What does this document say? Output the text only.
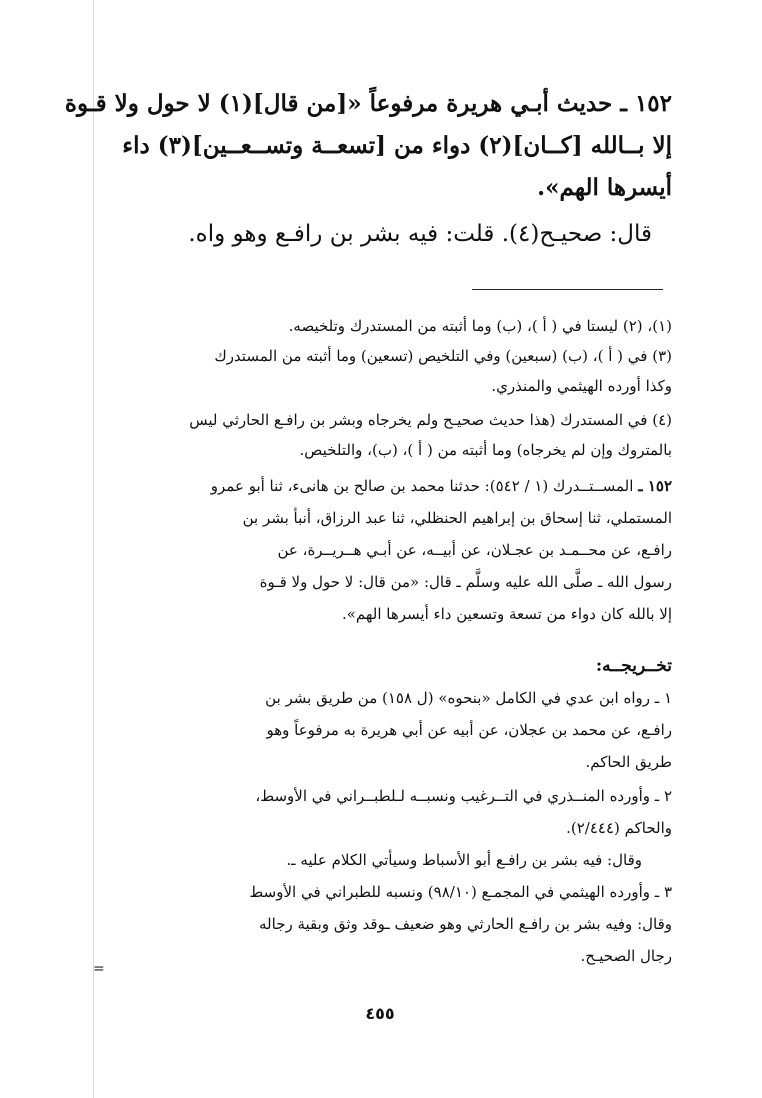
=
١٥٢ ـ حديث أبـي هريرة مرفوعاً «[من قال](١) لا حول ولا قـوة
إلا بــالله [كــان](٢) دواء من [تسعــة وتســعــين](٣) داء
أيسرها الهم».
قال: صحيـح(٤). قلت: فيه بشر بن رافـع وهو واه.
(١)، (٢) ليستا في ( أ )، (ب) وما أثبته من المستدرك وتلخيصه.
(٣) في ( أ )، (ب) (سبعين) وفي التلخيص (تسعين) وما أثبته من المستدرك
وكذا أورده الهيثمي والمنذري.
(٤) في المستدرك (هذا حديث صحيـح ولم يخرجاه وبشر بن رافـع الحارثي ليس
بالمتروك وإن لم يخرجاه) وما أثبته من ( أ )، (ب)، والتلخيص.
١٥٢ ـ المســتــدرك (١ / ٥٤٢): حدثنا محمد بن صالح بن هانىء، ثنا أبو عمرو
المستملي، ثنا إسحاق بن إبراهيم الحنظلي، ثنا عبد الرزاق، أنبأ بشر بن
رافـع، عن محــمـد بن عجـلان، عن أبيــه، عن أبـي هــريــرة، عن
رسول الله ـ صلَّى الله عليه وسلَّم ـ قال: «من قال: لا حول ولا قـوة
إلا بالله كان دواء من تسعة وتسعين داء أيسرها الهم».
تخــريجــه:
١ ـ رواه ابن عدي في الكامل «بنحوه» (ل ١٥٨) من طريق بشر بن
رافـع، عن محمد بن عجلان، عن أبيه عن أبي هريرة به مرفوعاً وهو
طريق الحاكم.
٢ ـ وأورده المنــذري في التــرغيب ونسبــه لـلطبــراني في الأوسط،
والحاكم (٢/٤٤٤).
وقال: فيه بشر بن رافـع أبو الأسباط وسيأتي الكلام عليه ـ.
٣ ـ وأورده الهيثمي في المجمـع (٩٨/١٠) ونسبه للطبراني في الأوسط
وقال: وفيه بشر بن رافـع الحارثي وهو ضعيف ـوقد وثق وبقية رجاله
رجال الصحيـح.
٤٥٥
